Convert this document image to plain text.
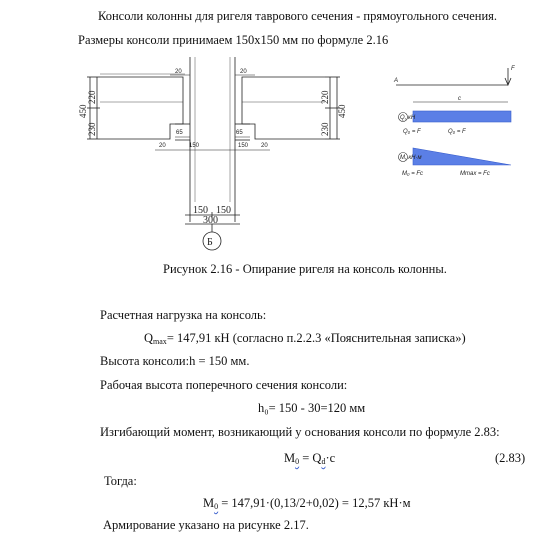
Консоли колонны для ригеля таврового сечения - прямоугольного сечения.
Размеры консоли принимаем 150х150 мм по формуле 2.16
20	20
65	65
20	150	150 20
450
220
230
220
230
450
150 150
300
Б
A
F
c
Q, кН
Q₀ = F	Q₀ = F
M, кН·м
M₀ = Fc	Mmax = Fc
Рисунок 2.16 - Опирание ригеля на консоль колонны.
Расчетная нагрузка на консоль:
$Q_{max}= 147,91$ кН (согласно п.2.2.3 «Пояснительная записка»)
Высота консоли:h = 150 мм.
Рабочая высота поперечного сечения консоли:
h₀= 150 - 30=120 мм
Изгибающий момент, возникающий у основания консоли по формуле 2.83:
$M_0 = Q_d\cdot c$	(2.83)
Тогда:
$M_0 = 147,91\cdot(0,13/2+0,02) = 12,57$ кН·м
Армирование указано на рисунке 2.17.
